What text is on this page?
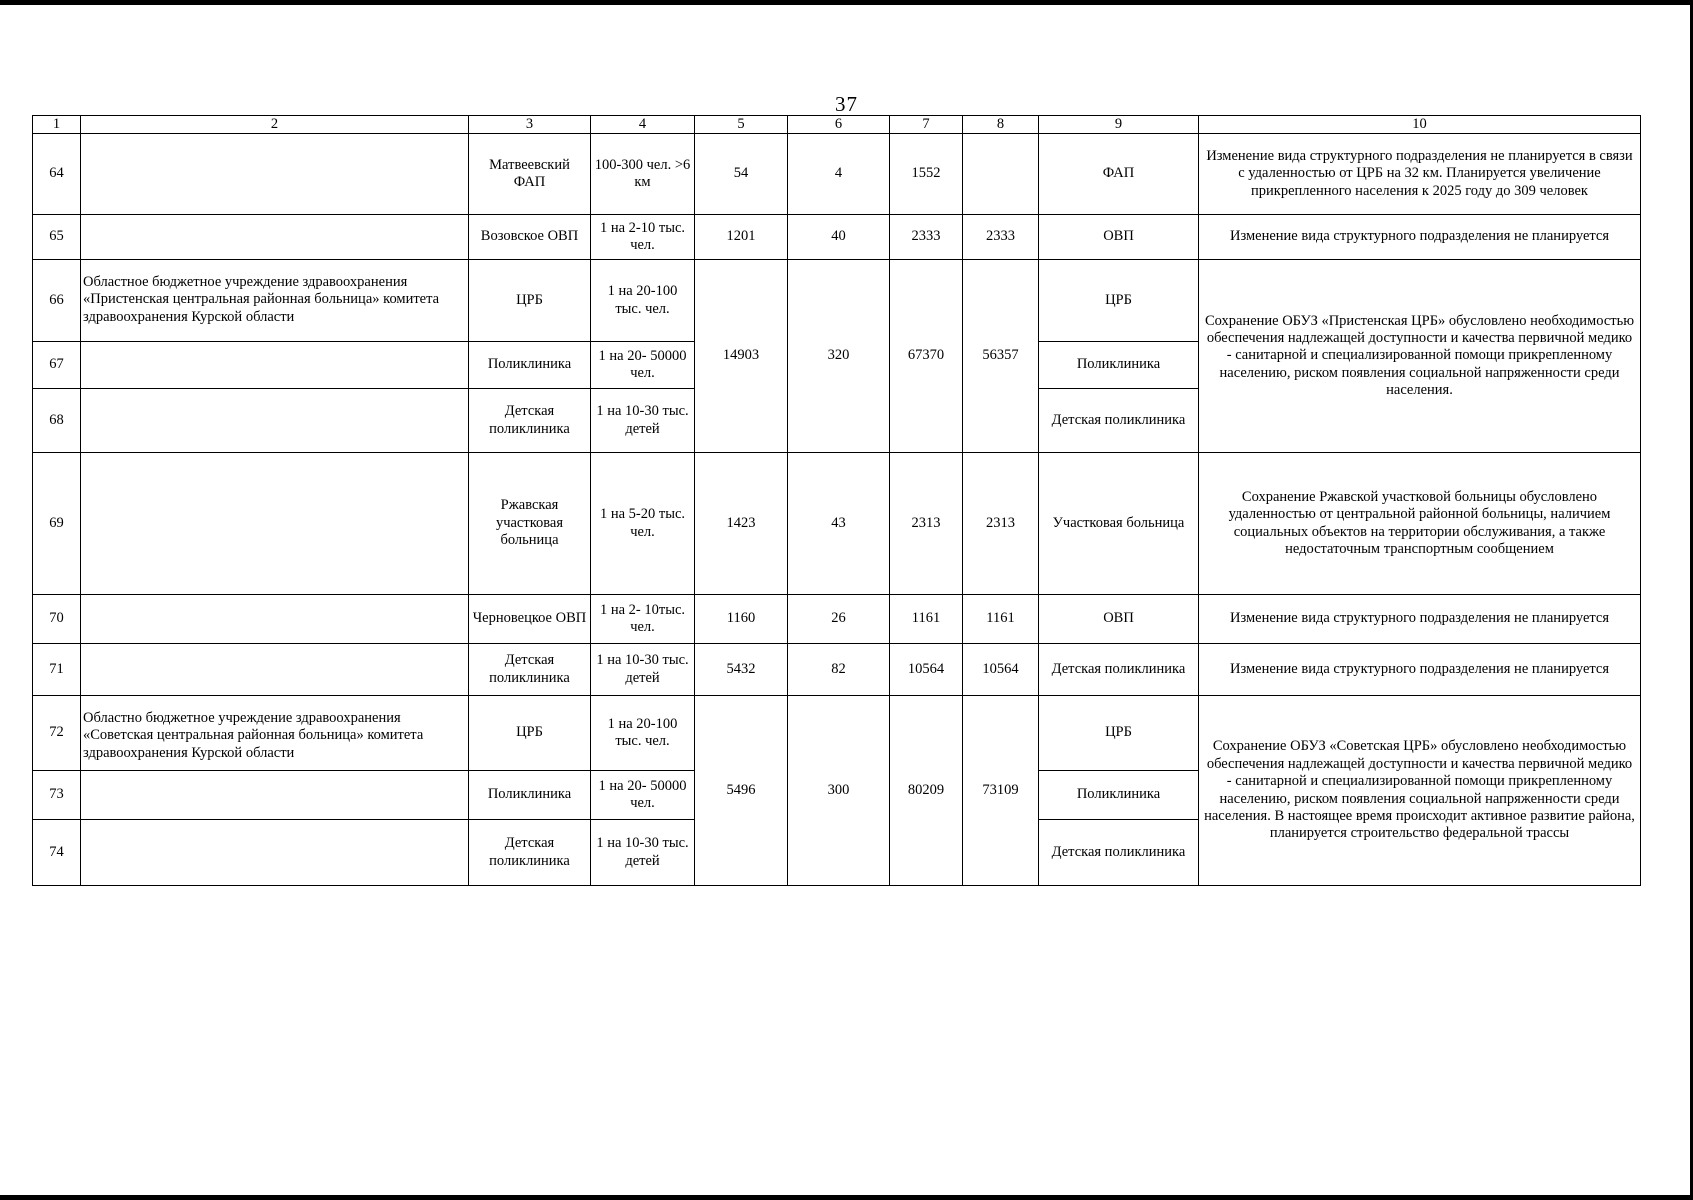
37
1	2	3	4	5	6	7	8	9	10
64		Матвеевский ФАП	100-300 чел. >6 км	54	4	1552		ФАП	Изменение вида структурного подразделения не планируется в связи с удаленностью от ЦРБ на 32 км. Планируется увеличение прикрепленного населения к 2025 году до 309 человек
65		Возовское ОВП	1 на 2-10 тыс. чел.	1201	40	2333	2333	ОВП	Изменение вида структурного подразделения не планируется
66	Областное бюджетное учреждение здравоохранения «Пристенская центральная районная больница» комитета здравоохранения Курской области	ЦРБ	1 на 20-100 тыс. чел.	14903	320	67370	56357	ЦРБ	Сохранение ОБУЗ «Пристенская ЦРБ» обусловлено необходимостью обеспечения надлежащей доступности и качества первичной медико - санитарной и специализированной помощи прикрепленному населению, риском появления социальной напряженности среди населения.
67		Поликлиника	1 на 20- 50000 чел.					Поликлиника	
68		Детская поликлиника	1 на 10-30 тыс. детей					Детская поликлиника	
69		Ржавская участковая больница	1 на 5-20 тыс. чел.	1423	43	2313	2313	Участковая больница	Сохранение Ржавской участковой больницы обусловлено удаленностью от центральной районной больницы, наличием социальных объектов на территории обслуживания, а также недостаточным транспортным сообщением
70		Черновецкое ОВП	1 на 2- 10тыс. чел.	1160	26	1161	1161	ОВП	Изменение вида структурного подразделения не планируется
71		Детская поликлиника	1 на 10-30 тыс. детей	5432	82	10564	10564	Детская поликлиника	Изменение вида структурного подразделения не планируется
72	Областно бюджетное учреждение здравоохранения «Советская центральная районная больница» комитета здравоохранения Курской области	ЦРБ	1 на 20-100 тыс. чел.	5496	300	80209	73109	ЦРБ	Сохранение ОБУЗ «Советская ЦРБ» обусловлено необходимостью обеспечения надлежащей доступности и качества первичной медико - санитарной и специализированной помощи прикрепленному населению, риском появления социальной напряженности среди населения. В настоящее время происходит активное развитие района, планируется строительство федеральной трассы
73		Поликлиника	1 на 20- 50000 чел.					Поликлиника	
74		Детская поликлиника	1 на 10-30 тыс. детей					Детская поликлиника	
